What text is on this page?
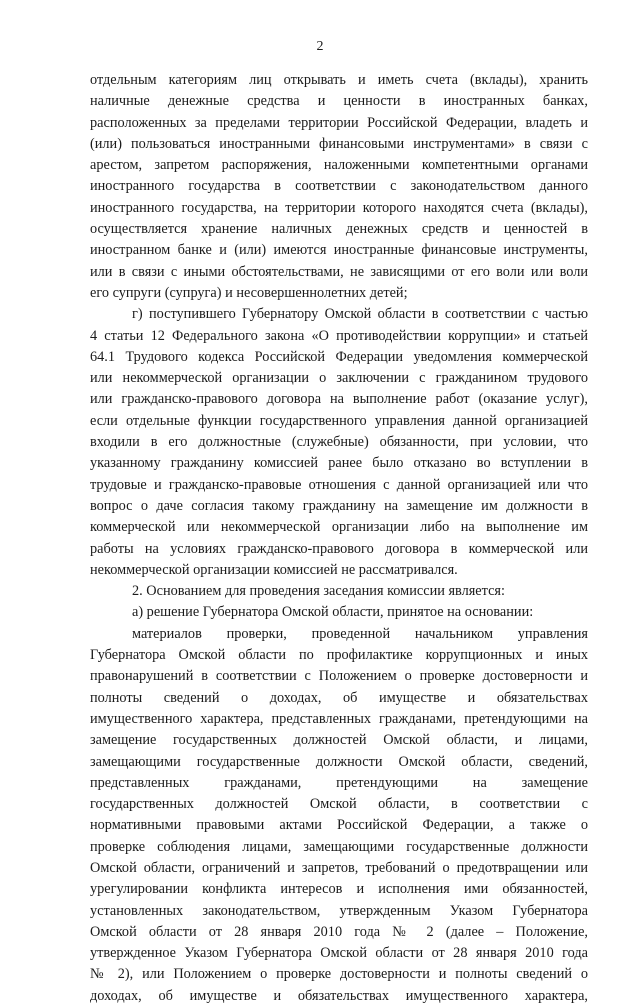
2
отдельным категориям лиц открывать и иметь счета (вклады), хранить
наличные денежные средства и ценности в иностранных банках,
расположенных за пределами территории Российской Федерации, владеть и
(или) пользоваться иностранными финансовыми инструментами» в связи с
арестом, запретом распоряжения, наложенными компетентными органами
иностранного государства в соответствии с законодательством данного
иностранного государства, на территории которого находятся счета (вклады),
осуществляется хранение наличных денежных средств и ценностей в
иностранном банке и (или) имеются иностранные финансовые инструменты,
или в связи с иными обстоятельствами, не зависящими от его воли или воли
его супруги (супруга) и несовершеннолетних детей;
г) поступившего Губернатору Омской области в соответствии с частью
4 статьи 12 Федерального закона «О противодействии коррупции» и статьей
64.1 Трудового кодекса Российской Федерации уведомления коммерческой
или некоммерческой организации о заключении с гражданином трудового
или гражданско-правового договора на выполнение работ (оказание услуг),
если отдельные функции государственного управления данной организацией
входили в его должностные (служебные) обязанности, при условии, что
указанному гражданину комиссией ранее было отказано во вступлении в
трудовые и гражданско-правовые отношения с данной организацией или что
вопрос о даче согласия такому гражданину на замещение им должности в
коммерческой или некоммерческой организации либо на выполнение им
работы на условиях гражданско-правового договора в коммерческой или
некоммерческой организации комиссией не рассматривался.
2. Основанием для проведения заседания комиссии является:
а) решение Губернатора Омской области, принятое на основании:
материалов проверки, проведенной начальником управления
Губернатора Омской области по профилактике коррупционных и иных
правонарушений в соответствии с Положением о проверке достоверности и
полноты сведений о доходах, об имуществе и обязательствах
имущественного характера, представленных гражданами, претендующими на
замещение государственных должностей Омской области, и лицами,
замещающими государственные должности Омской области, сведений,
представленных гражданами, претендующими на замещение
государственных должностей Омской области, в соответствии с
нормативными правовыми актами Российской Федерации, а также о
проверке соблюдения лицами, замещающими государственные должности
Омской области, ограничений и запретов, требований о предотвращении или
урегулировании конфликта интересов и исполнения ими обязанностей,
установленных законодательством, утвержденным Указом Губернатора
Омской области от 28 января 2010 года № 2 (далее – Положение,
утвержденное Указом Губернатора Омской области от 28 января 2010 года
№ 2), или Положением о проверке достоверности и полноты сведений о
доходах, об имуществе и обязательствах имущественного характера,
